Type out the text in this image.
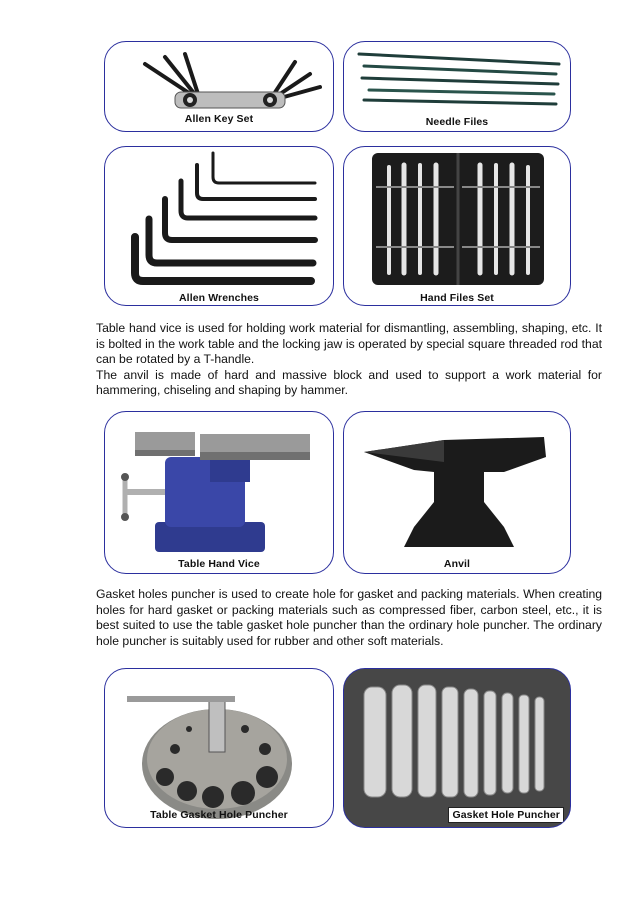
Allen Key Set	Needle Files
Allen Wrenches	Hand Files Set

Table hand vice is used for holding work material for dismantling, assembling, shaping, etc. It is bolted in the work table and the locking jaw is operated by special square threaded rod that can be rotated by a T-handle.

The anvil is made of hard and massive block and used to support a work material for hammering, chiseling and shaping by hammer.

Table Hand Vice	Anvil

Gasket holes puncher is used to create hole for gasket and packing materials. When creating holes for hard gasket or packing materials such as compressed fiber, carbon steel, etc., it is best suited to use the table gasket hole puncher than the ordinary hole puncher. The ordinary hole puncher is suitably used for rubber and other soft materials.

Table Gasket Hole Puncher	Gasket Hole Puncher
